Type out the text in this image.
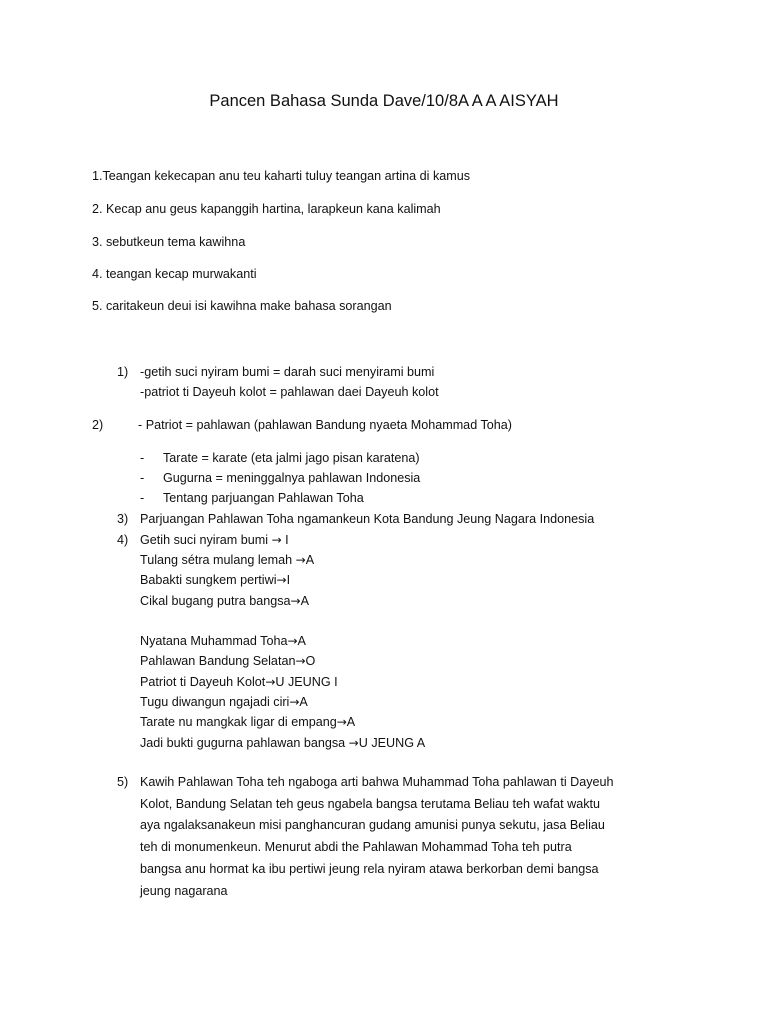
Pancen Bahasa Sunda Dave/10/8A A A AISYAH
1.Teangan kekecapan anu teu kaharti tuluy teangan artina di kamus
2. Kecap anu geus kapanggih hartina, larapkeun kana kalimah
3. sebutkeun tema kawihna
4. teangan kecap murwakanti
5. caritakeun deui isi kawihna make bahasa sorangan
1) -getih suci nyiram bumi = darah suci menyirami bumi
-patriot ti Dayeuh kolot = pahlawan daei Dayeuh kolot
2)	- Patriot = pahlawan (pahlawan Bandung nyaeta Mohammad Toha)
- Tarate = karate (eta jalmi jago pisan karatena)
- Gugurna = meninggalnya pahlawan Indonesia
- Tentang parjuangan Pahlawan Toha
3) Parjuangan Pahlawan Toha ngamankeun Kota Bandung Jeung Nagara Indonesia
4) Getih suci nyiram bumi → I
Tulang sétra mulang lemah →A
Babakti sungkem pertiwi→I
Cikal bugang putra bangsa→A
Nyatana Muhammad Toha→A
Pahlawan Bandung Selatan→O
Patriot ti Dayeuh Kolot→U JEUNG I
Tugu diwangun ngajadi ciri→A
Tarate nu mangkak ligar di empang→A
Jadi bukti gugurna pahlawan bangsa →U JEUNG A
5) Kawih Pahlawan Toha teh ngaboga arti bahwa Muhammad Toha pahlawan ti Dayeuh
Kolot, Bandung Selatan teh geus ngabela bangsa terutama Beliau teh wafat waktu
aya ngalaksanakeun misi panghancuran gudang amunisi punya sekutu, jasa Beliau
teh di monumenkeun. Menurut abdi the Pahlawan Mohammad Toha teh putra
bangsa anu hormat ka ibu pertiwi jeung rela nyiram atawa berkorban demi bangsa
jeung nagarana
